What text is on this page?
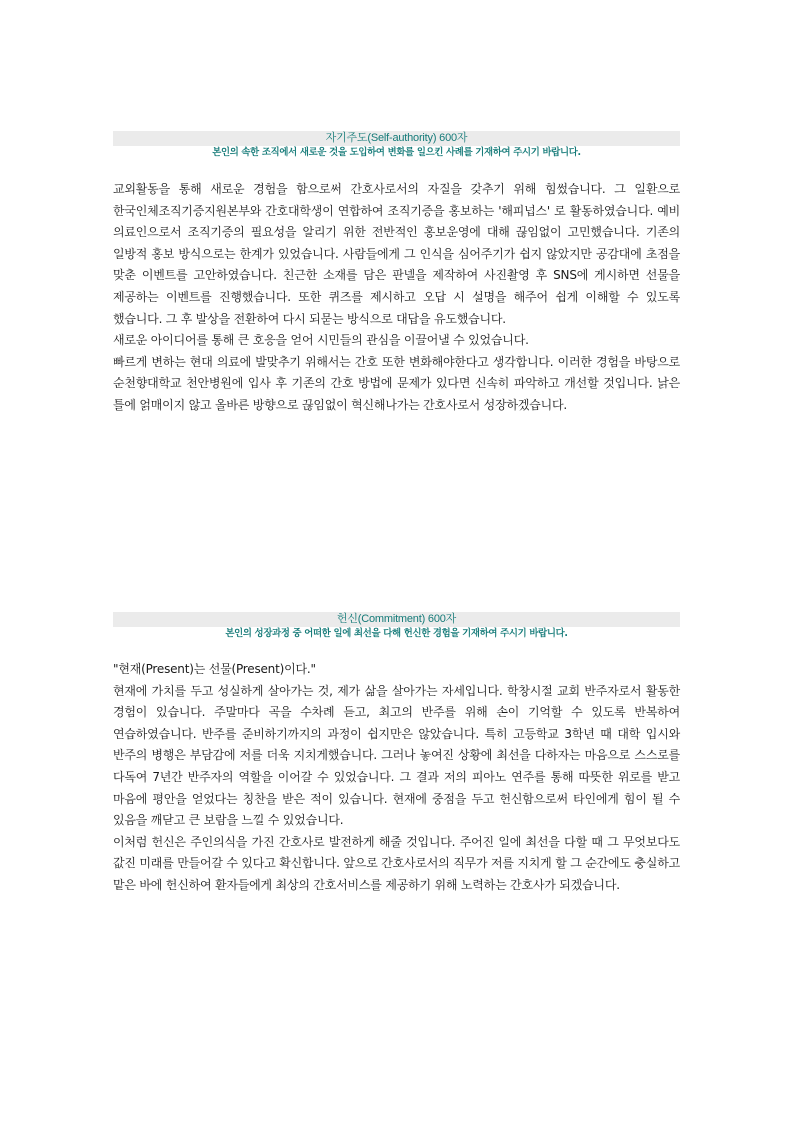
자기주도(Self-authority) 600자
본인의 속한 조직에서 새로운 것을 도입하여 변화를 일으킨 사례를 기재하여 주시기 바랍니다.

교외활동을 통해 새로운 경험을 함으로써 간호사로서의 자질을 갖추기 위해 힘썼습니다. 그 일환으로 한국인체조직기증지원본부와 간호대학생이 연합하여 조직기증을 홍보하는 '해피넙스' 로 활동하였습니다. 예비 의료인으로서 조직기증의 필요성을 알리기 위한 전반적인 홍보운영에 대해 끊임없이 고민했습니다. 기존의 일방적 홍보 방식으로는 한계가 있었습니다. 사람들에게 그 인식을 심어주기가 쉽지 않았지만 공감대에 초점을 맞춘 이벤트를 고안하였습니다. 친근한 소재를 담은 판넬을 제작하여 사진촬영 후 SNS에 게시하면 선물을 제공하는 이벤트를 진행했습니다. 또한 퀴즈를 제시하고 오답 시 설명을 해주어 쉽게 이해할 수 있도록 했습니다. 그 후 발상을 전환하여 다시 되묻는 방식으로 대답을 유도했습니다.

새로운 아이디어를 통해 큰 호응을 얻어 시민들의 관심을 이끌어낼 수 있었습니다.

빠르게 변하는 현대 의료에 발맞추기 위해서는 간호 또한 변화해야한다고 생각합니다. 이러한 경험을 바탕으로 순천향대학교 천안병원에 입사 후 기존의 간호 방법에 문제가 있다면 신속히 파악하고 개선할 것입니다. 낡은 틀에 얽매이지 않고 올바른 방향으로 끊임없이 혁신해나가는 간호사로서 성장하겠습니다.

헌신(Commitment) 600자
본인의 성장과정 중 어떠한 일에 최선을 다해 헌신한 경험을 기재하여 주시기 바랍니다.

"현재(Present)는 선물(Present)이다."

현재에 가치를 두고 성실하게 살아가는 것, 제가 삶을 살아가는 자세입니다. 학창시절 교회 반주자로서 활동한 경험이 있습니다. 주말마다 곡을 수차례 듣고, 최고의 반주를 위해 손이 기억할 수 있도록 반복하여 연습하였습니다. 반주를 준비하기까지의 과정이 쉽지만은 않았습니다. 특히 고등학교 3학년 때 대학 입시와 반주의 병행은 부담감에 저를 더욱 지치게했습니다. 그러나 놓여진 상황에 최선을 다하자는 마음으로 스스로를 다독여 7년간 반주자의 역할을 이어갈 수 있었습니다. 그 결과 저의 피아노 연주를 통해 따뜻한 위로를 받고 마음에 평안을 얻었다는 칭찬을 받은 적이 있습니다. 현재에 중점을 두고 헌신함으로써 타인에게 힘이 될 수 있음을 깨닫고 큰 보람을 느낄 수 있었습니다.

이처럼 헌신은 주인의식을 가진 간호사로 발전하게 해줄 것입니다. 주어진 일에 최선을 다할 때 그 무엇보다도 값진 미래를 만들어갈 수 있다고 확신합니다. 앞으로 간호사로서의 직무가 저를 지치게 할 그 순간에도 충실하고 맡은 바에 헌신하여 환자들에게 최상의 간호서비스를 제공하기 위해 노력하는 간호사가 되겠습니다.
